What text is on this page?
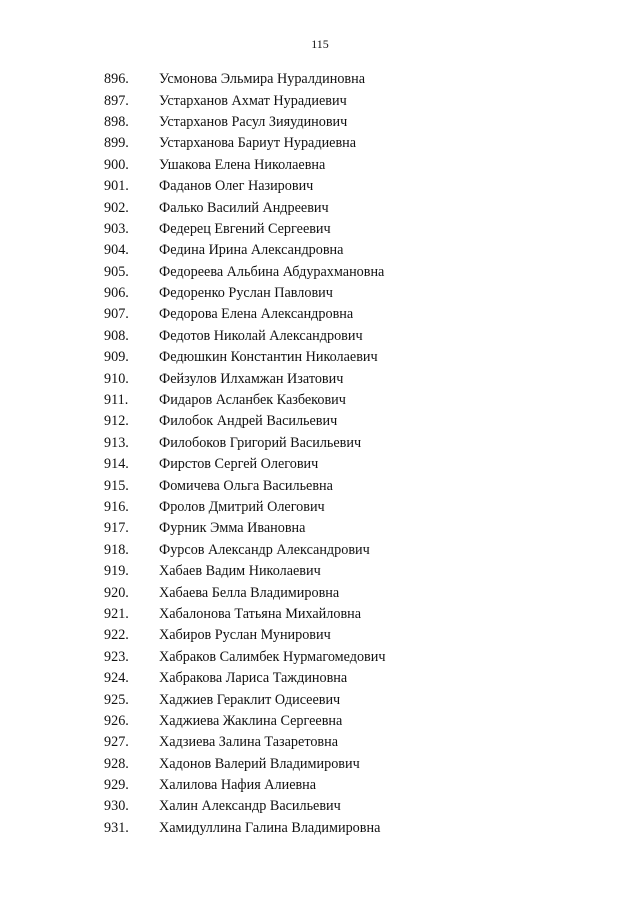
115
896.	Усмонова Эльмира Нуралдиновна
897.	Устарханов Ахмат Нурадиевич
898.	Устарханов Расул Зияудинович
899.	Устарханова Бариyт Нурадиевна
900.	Ушакова Елена Николаевна
901.	Фаданов Олег Назирович
902.	Фалько Василий Андреевич
903.	Федерец Евгений Сергеевич
904.	Федина Ирина Александровна
905.	Федореева Альбина Абдурахмановна
906.	Федоренко Руслан Павлович
907.	Федорова Елена Александровна
908.	Федотов Николай Александрович
909.	Федюшкин Константин Николаевич
910.	Фейзулов Илхамжан Изатович
911.	Фидаров Асланбек Казбекович
912.	Филобок Андрей Васильевич
913.	Филобоков Григорий Васильевич
914.	Фирстов Сергей Олегович
915.	Фомичева Ольга Васильевна
916.	Фролов Дмитрий Олегович
917.	Фурник Эмма Ивановна
918.	Фурсов Александр Александрович
919.	Хабаев Вадим Николаевич
920.	Хабаева Белла Владимировна
921.	Хабалонова Татьяна Михайловна
922.	Хабиров Руслан Мунирович
923.	Хабраков Салимбек Нурмагомедович
924.	Хабракова Лариса Таждиновна
925.	Хаджиев Гераклит Одисеевич
926.	Хаджиева Жаклина Сергеевна
927.	Хадзиева Залина Тазаретовна
928.	Хадонов Валерий Владимирович
929.	Халилова Нафия Алиевна
930.	Халин Александр Васильевич
931.	Хамидуллина Галина Владимировна
